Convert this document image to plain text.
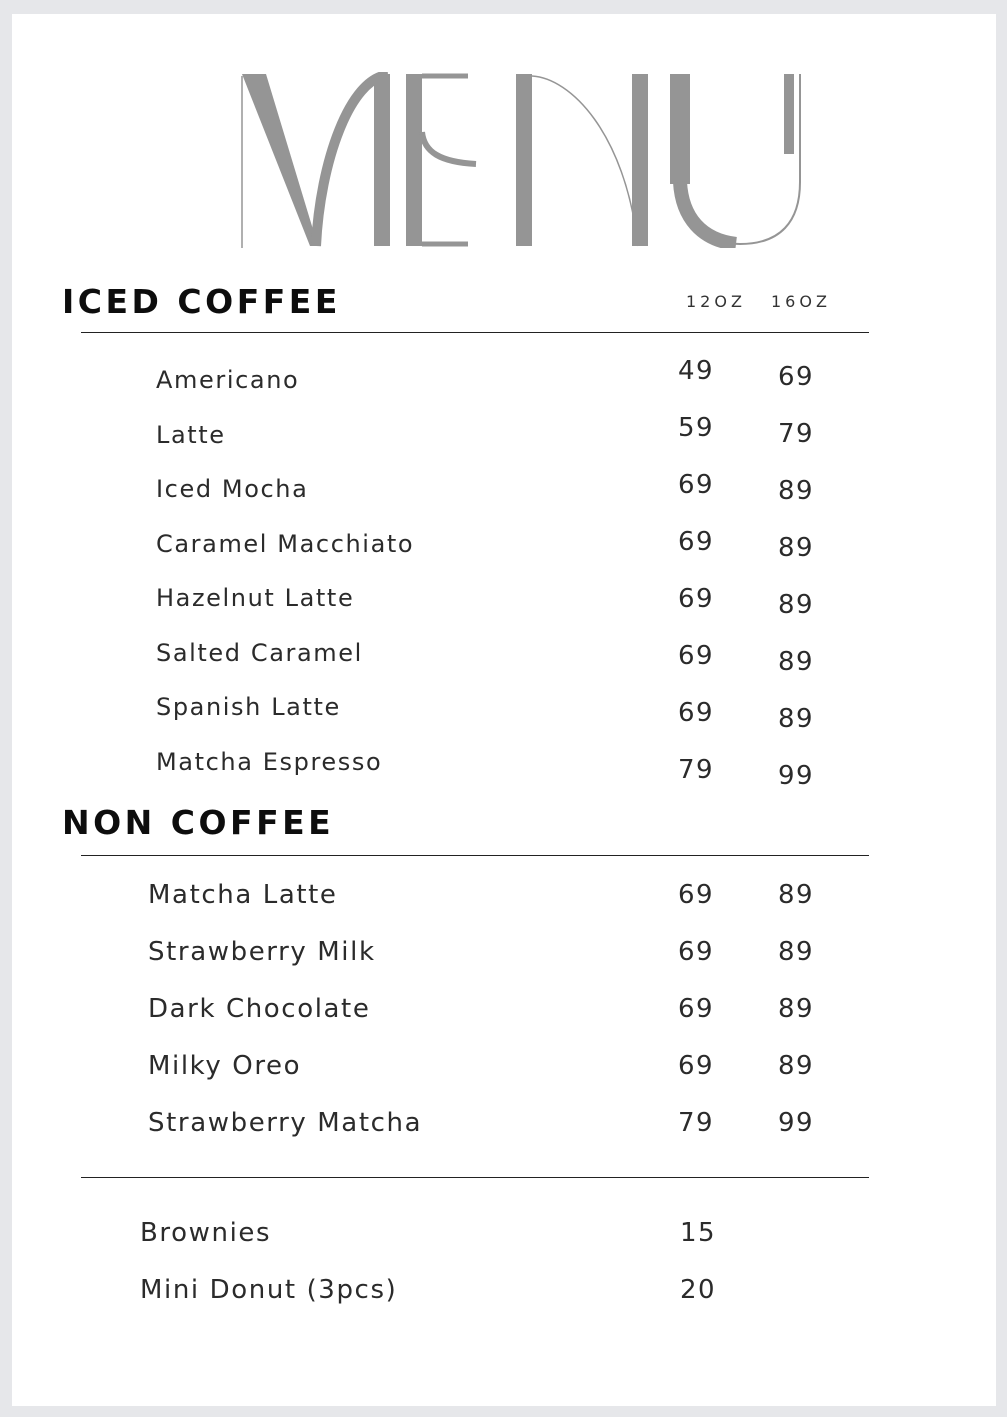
ICED COFFEE	12OZ 16OZ
Americano	49	69
Latte	59	79
Iced Mocha	69	89
Caramel Macchiato	69	89
Hazelnut Latte	69	89
Salted Caramel	69	89
Spanish Latte	69	89
Matcha Espresso	79	99
NON COFFEE
Matcha Latte	69	89
Strawberry Milk	69	89
Dark Chocolate	69	89
Milky Oreo	69	89
Strawberry Matcha	79	99
Brownies	15
Mini Donut (3pcs)	20
